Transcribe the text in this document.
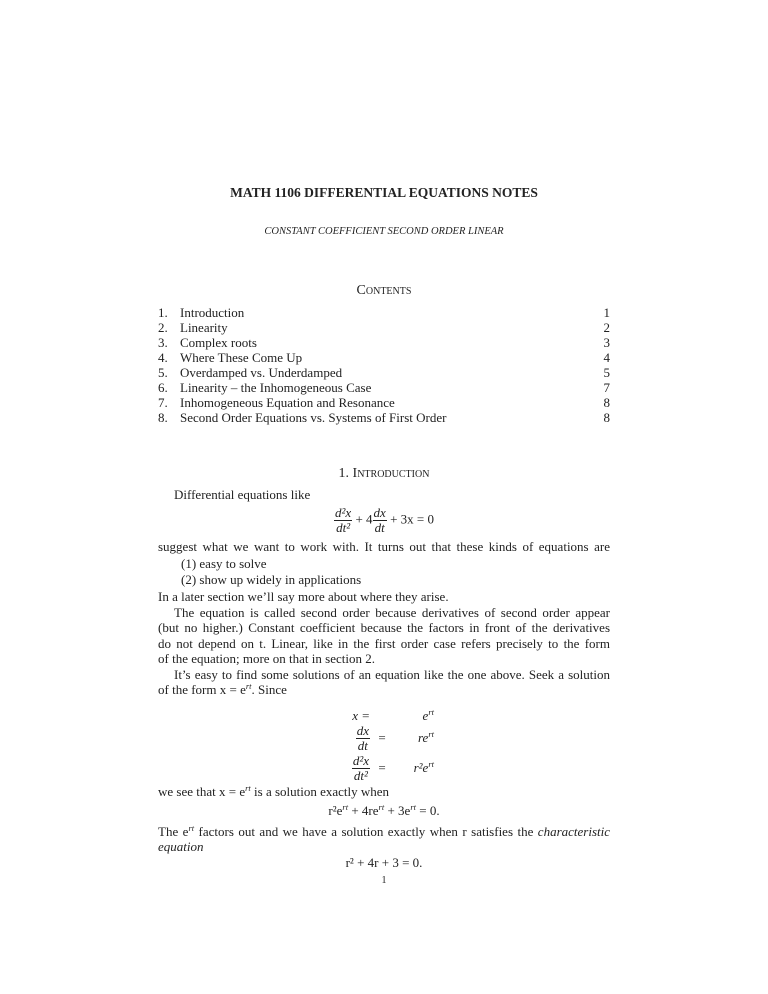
MATH 1106 DIFFERENTIAL EQUATIONS NOTES
CONSTANT COEFFICIENT SECOND ORDER LINEAR
Contents
1. Introduction	1
2. Linearity	2
3. Complex roots	3
4. Where These Come Up	4
5. Overdamped vs. Underdamped	5
6. Linearity – the Inhomogeneous Case	7
7. Inhomogeneous Equation and Resonance	8
8. Second Order Equations vs. Systems of First Order	8
1. Introduction
Differential equations like
$\frac{\text{d²x}}{\text{dt²}} + 4 \frac{dx}{dt} + 3x = 0$
suggest what we want to work with. It turns out that these kinds of equations are
(1) easy to solve
(2) show up widely in applications
In a later section we’ll say more about where they arise.
The equation is called second order because derivatives of second order appear
(but no higher.) Constant coefficient because the factors in front of the derivatives
do not depend on t. Linear, like in the first order case refers precisely to the form
of the equation; more on that in section 2.
It’s easy to find some solutions of an equation like the one above. Seek a solution
of the form $x = e^{rt}$. Since
x =	$e^{rt}$
$\frac{dx}{dt}$ =	$re^{rt}$
$\frac{\text{d²x}}{\text{dt²}}$ =	$r^2e^{rt}$
we see that $x = e^{rt}$ is a solution exactly when
$r^2e^{rt} + 4re^{rt} + 3e^{rt} = 0$.
The $e^{rt}$ factors out and we have a solution exactly when r satisfies the characteristic
equation
r² + 4r + 3 = 0.
1
